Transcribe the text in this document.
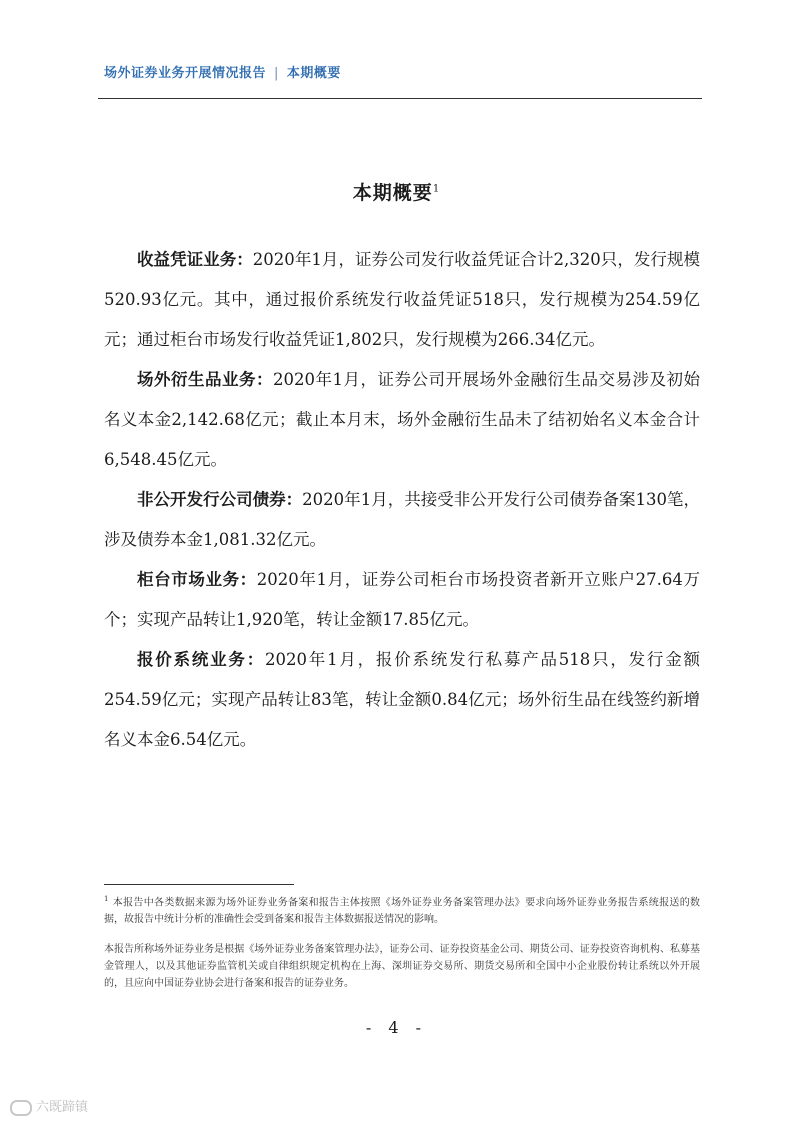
场外证券业务开展情况报告 | 本期概要
本期概要$^1$

收益凭证业务：2020年1月，证券公司发行收益凭证合计2,320只，发行规模520.93亿元。其中，通过报价系统发行收益凭证518只，发行规模为254.59亿元；通过柜台市场发行收益凭证1,802只，发行规模为266.34亿元。

场外衍生品业务：2020年1月，证券公司开展场外金融衍生品交易涉及初始名义本金2,142.68亿元；截止本月末，场外金融衍生品未了结初始名义本金合计6,548.45亿元。

非公开发行公司债券：2020年1月，共接受非公开发行公司债券备案130笔，涉及债券本金1,081.32亿元。

柜台市场业务：2020年1月，证券公司柜台市场投资者新开立账户27.64万个；实现产品转让1,920笔，转让金额17.85亿元。

报价系统业务：2020年1月，报价系统发行私募产品518只，发行金额254.59亿元；实现产品转让83笔，转让金额0.84亿元；场外衍生品在线签约新增名义本金6.54亿元。

$^1$ 本报告中各类数据来源为场外证券业务备案和报告主体按照《场外证券业务备案管理办法》要求向场外证券业务报告系统报送的数据，故报告中统计分析的准确性会受到备案和报告主体数据报送情况的影响。
本报告所称场外证券业务是根据《场外证券业务备案管理办法》，证券公司、证券投资基金公司、期货公司、证券投资咨询机构、私募基金管理人，以及其他证券监管机关或自律组织规定机构在上海、深圳证券交易所、期货交易所和全国中小企业股份转让系统以外开展的，且应向中国证券业协会进行备案和报告的证券业务。
- 4 -
六既蹄镇
